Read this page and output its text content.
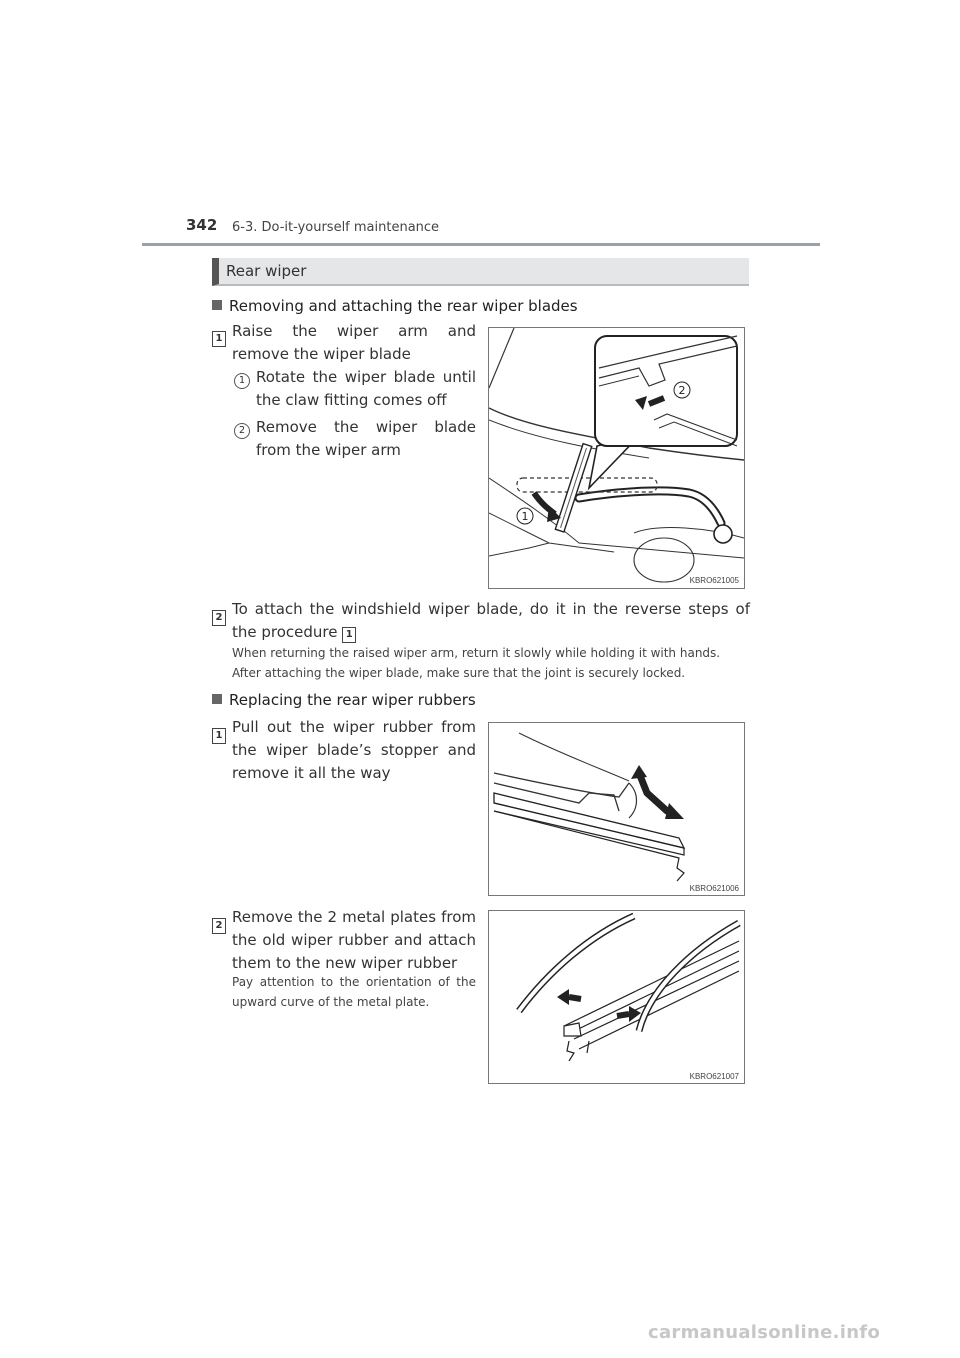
342 6-3. Do-it-yourself maintenance
Rear wiper
Removing and attaching the rear wiper blades
1 Raise the wiper arm and remove the wiper blade
1 Rotate the wiper blade until the claw fitting comes off
2 Remove the wiper blade from the wiper arm
1
2
KBRO621005
2 To attach the windshield wiper blade, do it in the reverse steps of the procedure 1
When returning the raised wiper arm, return it slowly while holding it with hands.
After attaching the wiper blade, make sure that the joint is securely locked.
Replacing the rear wiper rubbers
1 Pull out the wiper rubber from the wiper blade’s stopper and remove it all the way
KBRO621006
2 Remove the 2 metal plates from the old wiper rubber and attach them to the new wiper rubber
Pay attention to the orientation of the upward curve of the metal plate.
KBRO621007
carmanualsonline.info
